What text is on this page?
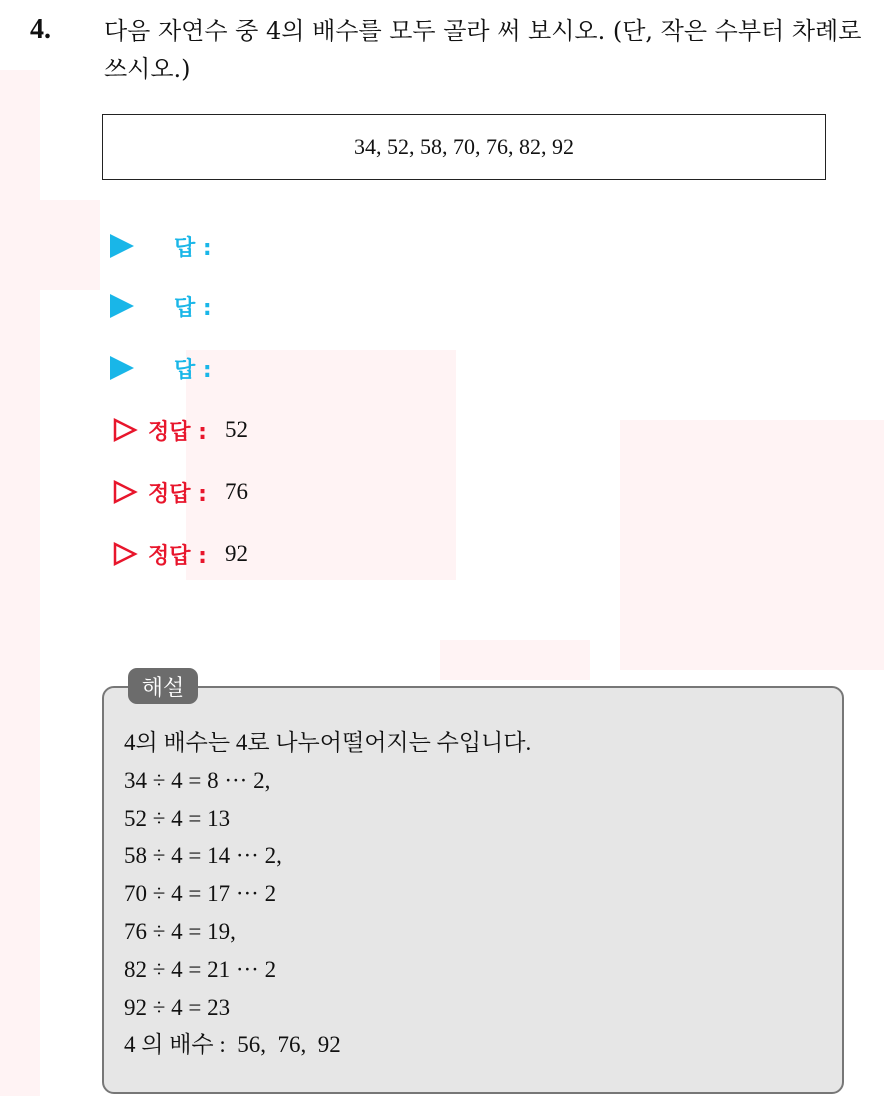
4. 다음 자연수 중 4의 배수를 모두 골라 써 보시오. (단, 작은 수부터 차례로 쓰시오.)
34, 52, 58, 70, 76, 82, 92
답 :
답 :
답 :
정답 : 52
정답 : 76
정답 : 92
해설
4의 배수는 4로 나누어떨어지는 수입니다.
34 ÷ 4 = 8 ··· 2,
52 ÷ 4 = 13
58 ÷ 4 = 14 ··· 2,
70 ÷ 4 = 17 ··· 2
76 ÷ 4 = 19,
82 ÷ 4 = 21 ··· 2
92 ÷ 4 = 23
4 의 배수 :  56,  76,  92
